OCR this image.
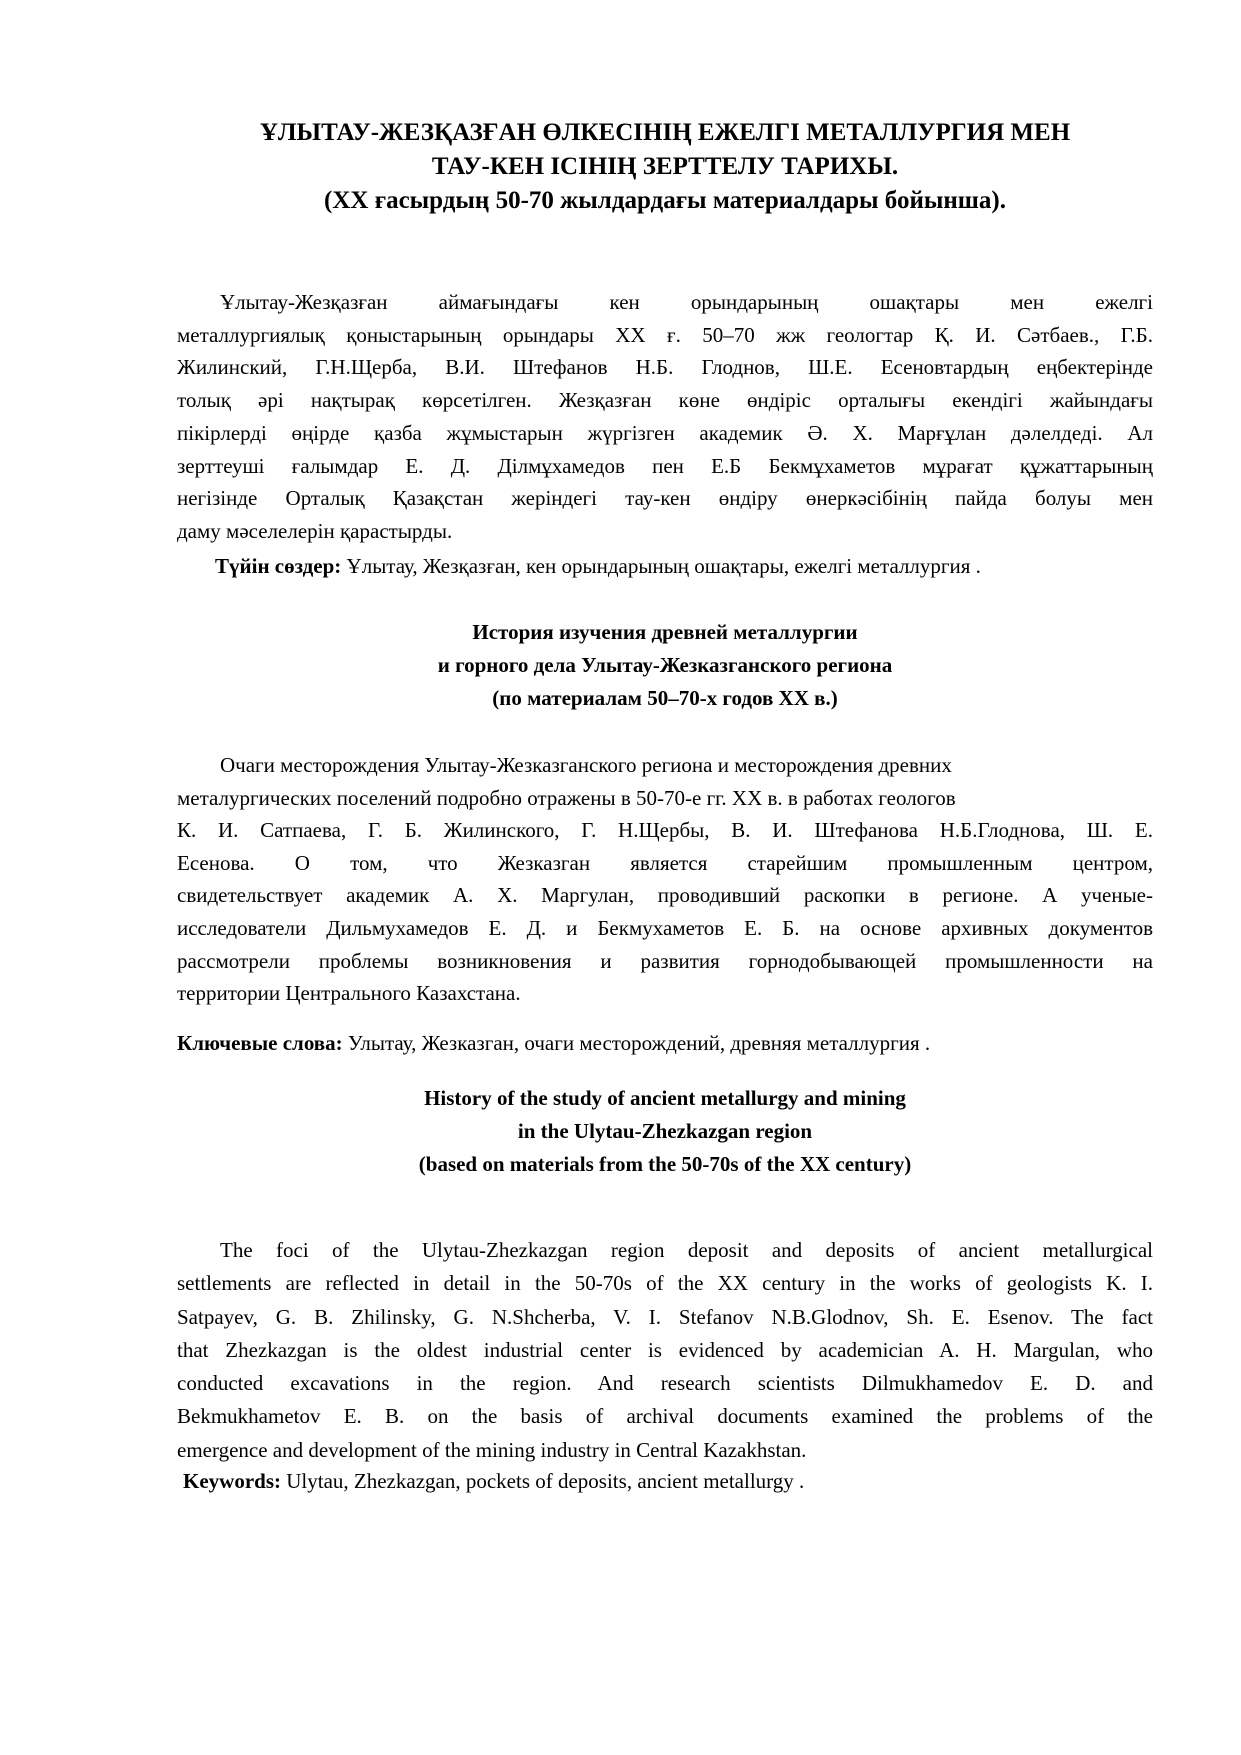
ҰЛЫТАУ-ЖЕЗҚАЗҒАН ӨЛКЕСІНІҢ ЕЖЕЛГІ МЕТАЛЛУРГИЯ МЕН
ТАУ-КЕН ІСІНІҢ ЗЕРТТЕЛУ ТАРИХЫ.
(ХХ ғасырдың 50-70 жылдардағы материалдары бойынша).
Ұлытау-Жезқазған аймағындағы кен орындарының ошақтары мен ежелгі
металлургиялық қоныстарының орындары ХХ ғ. 50–70 жж геологтар Қ. И. Сәтбаев., Г.Б.
Жилинский, Г.Н.Щерба, В.И. Штефанов Н.Б. Глоднов, Ш.Е. Есеновтардың еңбектерінде
толық әрі нақтырақ көрсетілген. Жезқазған көне өндіріс орталығы екендігі жайындағы
пікірлерді өңірде қазба жұмыстарын жүргізген академик Ә. Х. Марғұлан дәлелдеді. Ал
зерттеуші ғалымдар Е. Д. Ділмұхамедов пен Е.Б Бекмұхаметов мұрағат құжаттарының
негізінде Орталық Қазақстан жеріндегі тау-кен өндіру өнеркәсібінің пайда болуы мен
даму мәселелерін қарастырды.
Түйін сөздер: Ұлытау, Жезқазған, кен орындарының ошақтары, ежелгі металлургия .
История изучения древней металлургии
и горного дела Улытау-Жезказганского региона
(по материалам 50–70-х годов ХХ в.)
Очаги месторождения Улытау-Жезказганского региона и месторождения древних
металургических поселений подробно отражены в 50-70-е гг. ХХ в. в работах геологов
К. И. Сатпаева, Г. Б. Жилинского, Г. Н.Щербы, В. И. Штефанова Н.Б.Глоднова, Ш. Е.
Есенова. О том, что Жезказган является старейшим промышленным центром,
свидетельствует академик А. Х. Маргулан, проводивший раскопки в регионе. А ученые-
исследователи Дильмухамедов Е. Д. и Бекмухаметов Е. Б. на основе архивных документов
рассмотрели проблемы возникновения и развития горнодобывающей промышленности на
территории Центрального Казахстана.
Ключевые слова: Улытау, Жезказган, очаги месторождений, древняя металлургия .
History of the study of ancient metallurgy and mining
in the Ulytau-Zhezkazgan region
(based on materials from the 50-70s of the XX century)
The foci of the Ulytau-Zhezkazgan region deposit and deposits of ancient metallurgical
settlements are reflected in detail in the 50-70s of the XX century in the works of geologists K. I.
Satpayev, G. B. Zhilinsky, G. N.Shcherba, V. I. Stefanov N.B.Glodnov, Sh. E. Esenov. The fact
that Zhezkazgan is the oldest industrial center is evidenced by academician A. H. Margulan, who
conducted excavations in the region. And research scientists Dilmukhamedov E. D. and
Bekmukhametov E. B. on the basis of archival documents examined the problems of the
emergence and development of the mining industry in Central Kazakhstan.
Keywords: Ulytau, Zhezkazgan, pockets of deposits, ancient metallurgy .
